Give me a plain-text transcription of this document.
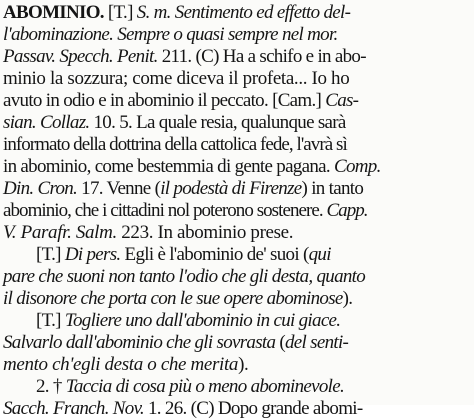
ABOMINIO. [T.] S. m. Sentimento ed effetto del-
l'abominazione. Sempre o quasi sempre nel mor.
Passav. Specch. Penit. 211. (C) Ha a schifo e in abo-
minio la sozzura; come diceva il profeta... Io ho
avuto in odio e in abominio il peccato. [Cam.] Cas-
sian. Collaz. 10. 5. La quale resia, qualunque sarà
informato della dottrina della cattolica fede, l'avrà sì
in abominio, come bestemmia di gente pagana. Comp.
Din. Cron. 17. Venne (il podestà di Firenze) in tanto
abominio, che i cittadini nol poterono sostenere. Capp.
V. Parafr. Salm. 223. In abominio prese.
[T.] Di pers. Egli è l'abominio de' suoi (qui
pare che suoni non tanto l'odio che gli desta, quanto
il disonore che porta con le sue opere abominose).
[T.] Togliere uno dall'abominio in cui giace.
Salvarlo dall'abominio che gli sovrasta (del senti-
mento ch'egli desta o che merita).
2. † Taccia di cosa più o meno abominevole.
Sacch. Franch. Nov. 1. 26. (C) Dopo grande abomi-
